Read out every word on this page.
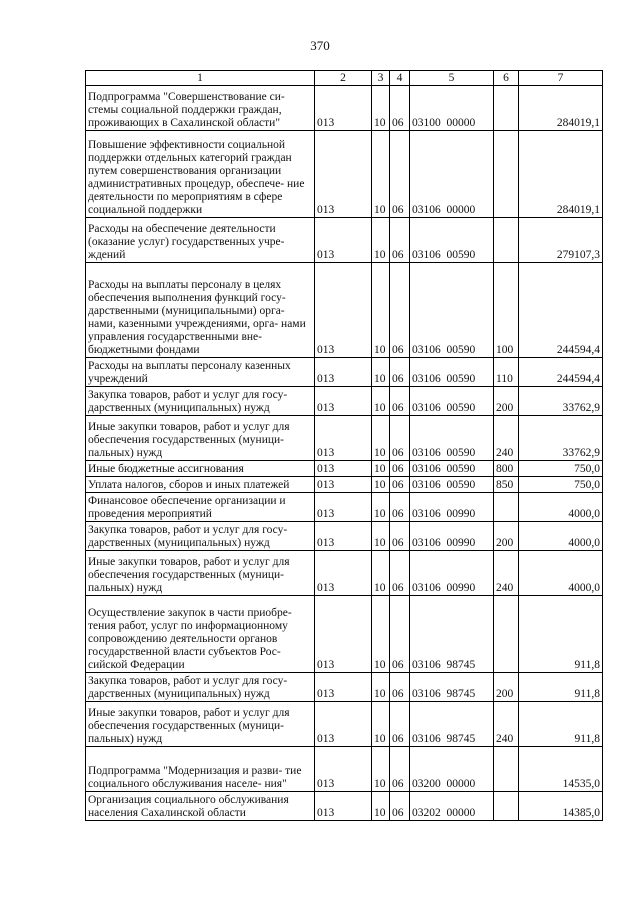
370
1	2	3	4	5	6	7
Подпрограмма "Совершенствование си- стемы социальной поддержки граждан, проживающих в Сахалинской области"	013	10	06	03100  00000		284019,1
Повышение эффективности социальной поддержки отдельных категорий граждан путем совершенствования организации административных процедур, обеспече- ние деятельности по мероприятиям в сфере социальной поддержки	013	10	06	03106  00000		284019,1
Расходы на обеспечение деятельности (оказание услуг) государственных учре- ждений	013	10	06	03106  00590		279107,3
Расходы на выплаты персоналу в целях обеспечения выполнения функций госу- дарственными (муниципальными) орга- нами, казенными учреждениями, орга- нами управления государственными вне- бюджетными фондами	013	10	06	03106  00590	100	244594,4
Расходы на выплаты персоналу казенных учреждений	013	10	06	03106  00590	110	244594,4
Закупка товаров, работ и услуг для госу- дарственных (муниципальных) нужд	013	10	06	03106  00590	200	33762,9
Иные закупки товаров, работ и услуг для обеспечения государственных (муници- пальных) нужд	013	10	06	03106  00590	240	33762,9
Иные бюджетные ассигнования	013	10	06	03106  00590	800	750,0
Уплата налогов, сборов и иных платежей	013	10	06	03106  00590	850	750,0
Финансовое обеспечение организации и проведения мероприятий	013	10	06	03106  00990		4000,0
Закупка товаров, работ и услуг для госу- дарственных (муниципальных) нужд	013	10	06	03106  00990	200	4000,0
Иные закупки товаров, работ и услуг для обеспечения государственных (муници- пальных) нужд	013	10	06	03106  00990	240	4000,0
Осуществление закупок в части приобре- тения работ, услуг по информационному сопровождению деятельности органов государственной власти субъектов Рос- сийской Федерации	013	10	06	03106  98745		911,8
Закупка товаров, работ и услуг для госу- дарственных (муниципальных) нужд	013	10	06	03106  98745	200	911,8
Иные закупки товаров, работ и услуг для обеспечения государственных (муници- пальных) нужд	013	10	06	03106  98745	240	911,8
Подпрограмма "Модернизация и разви- тие социального обслуживания населе- ния"	013	10	06	03200  00000		14535,0
Организация социального обслуживания населения Сахалинской области	013	10	06	03202  00000		14385,0
